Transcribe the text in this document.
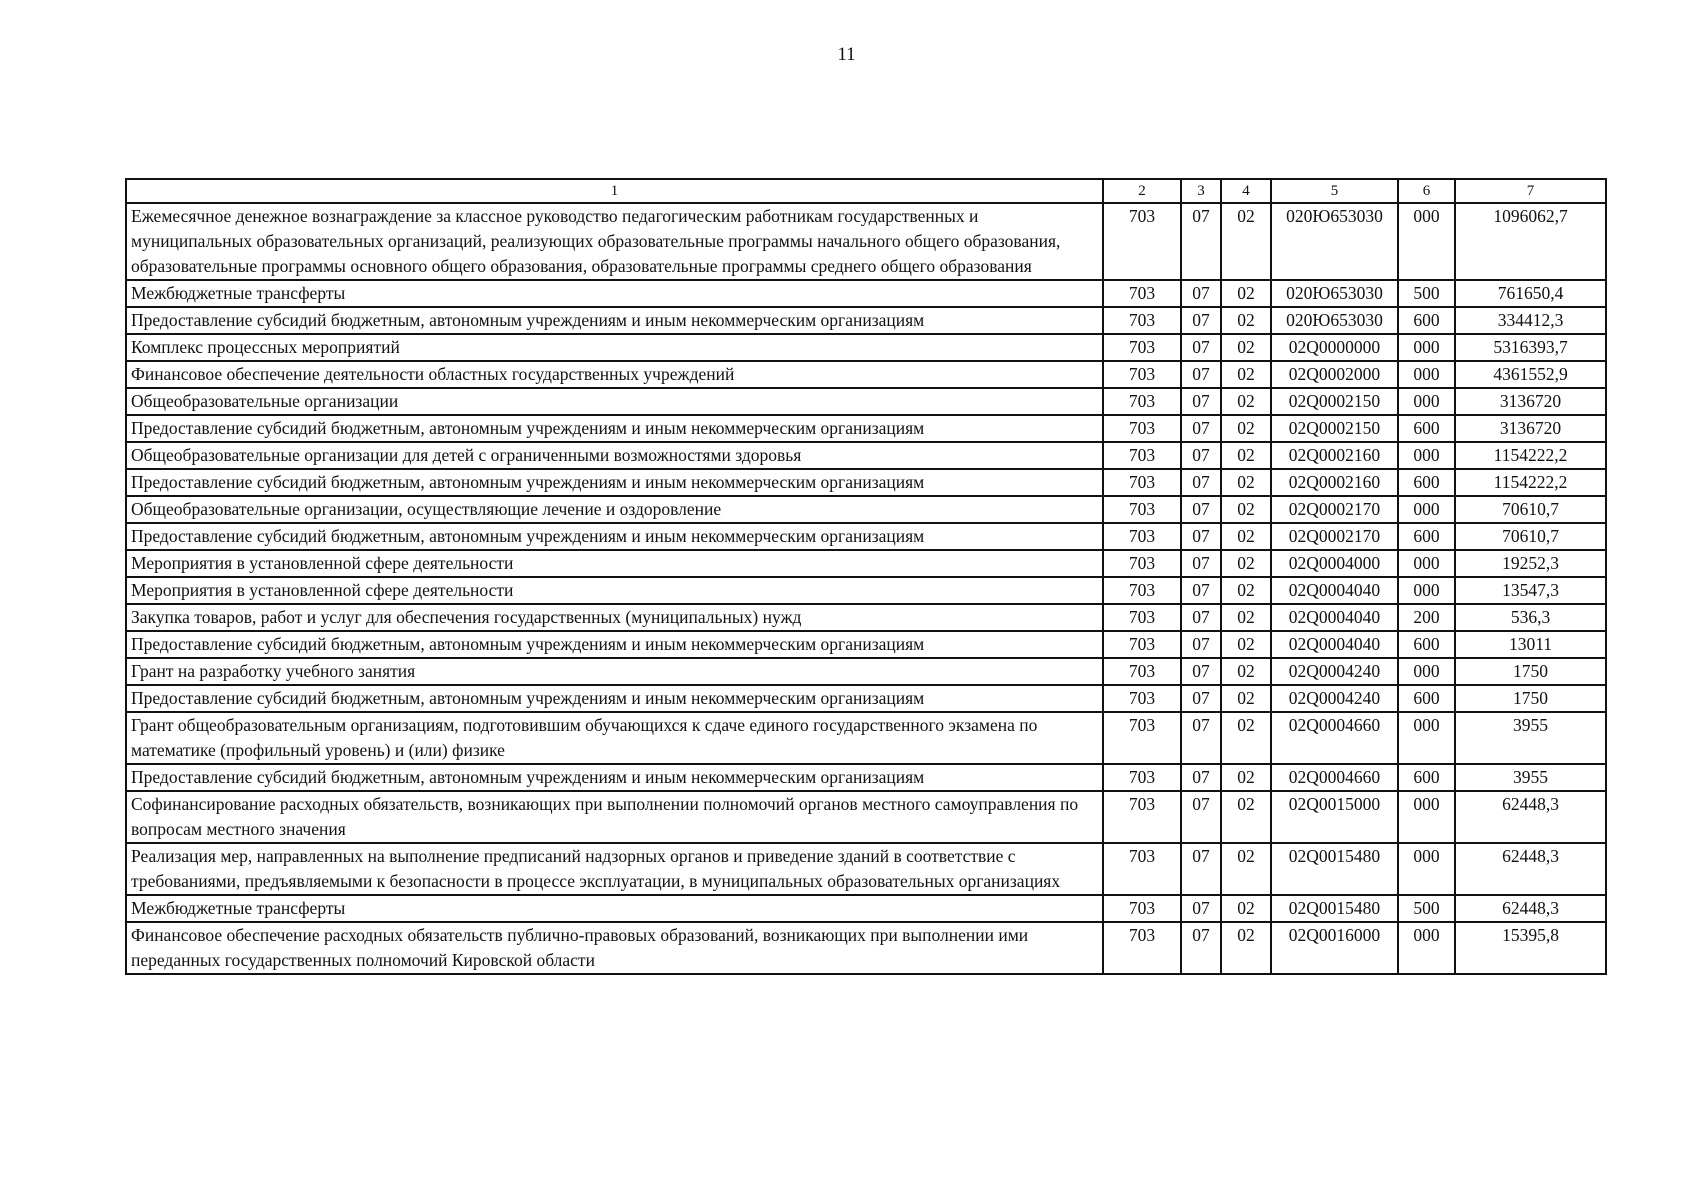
11
1	2	3	4	5	6	7
Ежемесячное денежное вознаграждение за классное руководство педагогическим работникам государственных и муниципальных образовательных организаций, реализующих образовательные программы начального общего образования, образовательные программы основного общего образования, образовательные программы среднего общего образования	703	07	02	020Ю653030	000	1096062,7
Межбюджетные трансферты	703	07	02	020Ю653030	500	761650,4
Предоставление субсидий бюджетным, автономным учреждениям и иным некоммерческим организациям	703	07	02	020Ю653030	600	334412,3
Комплекс процессных мероприятий	703	07	02	02Q0000000	000	5316393,7
Финансовое обеспечение деятельности областных государственных учреждений	703	07	02	02Q0002000	000	4361552,9
Общеобразовательные организации	703	07	02	02Q0002150	000	3136720
Предоставление субсидий бюджетным, автономным учреждениям и иным некоммерческим организациям	703	07	02	02Q0002150	600	3136720
Общеобразовательные организации для детей с ограниченными возможностями здоровья	703	07	02	02Q0002160	000	1154222,2
Предоставление субсидий бюджетным, автономным учреждениям и иным некоммерческим организациям	703	07	02	02Q0002160	600	1154222,2
Общеобразовательные организации, осуществляющие лечение и оздоровление	703	07	02	02Q0002170	000	70610,7
Предоставление субсидий бюджетным, автономным учреждениям и иным некоммерческим организациям	703	07	02	02Q0002170	600	70610,7
Мероприятия в установленной сфере деятельности	703	07	02	02Q0004000	000	19252,3
Мероприятия в установленной сфере деятельности	703	07	02	02Q0004040	000	13547,3
Закупка товаров, работ и услуг для обеспечения государственных (муниципальных) нужд	703	07	02	02Q0004040	200	536,3
Предоставление субсидий бюджетным, автономным учреждениям и иным некоммерческим организациям	703	07	02	02Q0004040	600	13011
Грант на разработку учебного занятия	703	07	02	02Q0004240	000	1750
Предоставление субсидий бюджетным, автономным учреждениям и иным некоммерческим организациям	703	07	02	02Q0004240	600	1750
Грант общеобразовательным организациям, подготовившим обучающихся к сдаче единого государственного экзамена по математике (профильный уровень) и (или) физике	703	07	02	02Q0004660	000	3955
Предоставление субсидий бюджетным, автономным учреждениям и иным некоммерческим организациям	703	07	02	02Q0004660	600	3955
Софинансирование расходных обязательств, возникающих при выполнении полномочий органов местного самоуправления по вопросам местного значения	703	07	02	02Q0015000	000	62448,3
Реализация мер, направленных на выполнение предписаний надзорных органов и приведение зданий в соответствие с требованиями, предъявляемыми к безопасности в процессе эксплуатации, в муниципальных образовательных организациях	703	07	02	02Q0015480	000	62448,3
Межбюджетные трансферты	703	07	02	02Q0015480	500	62448,3
Финансовое обеспечение расходных обязательств публично-правовых образований, возникающих при выполнении ими переданных государственных полномочий Кировской области	703	07	02	02Q0016000	000	15395,8
